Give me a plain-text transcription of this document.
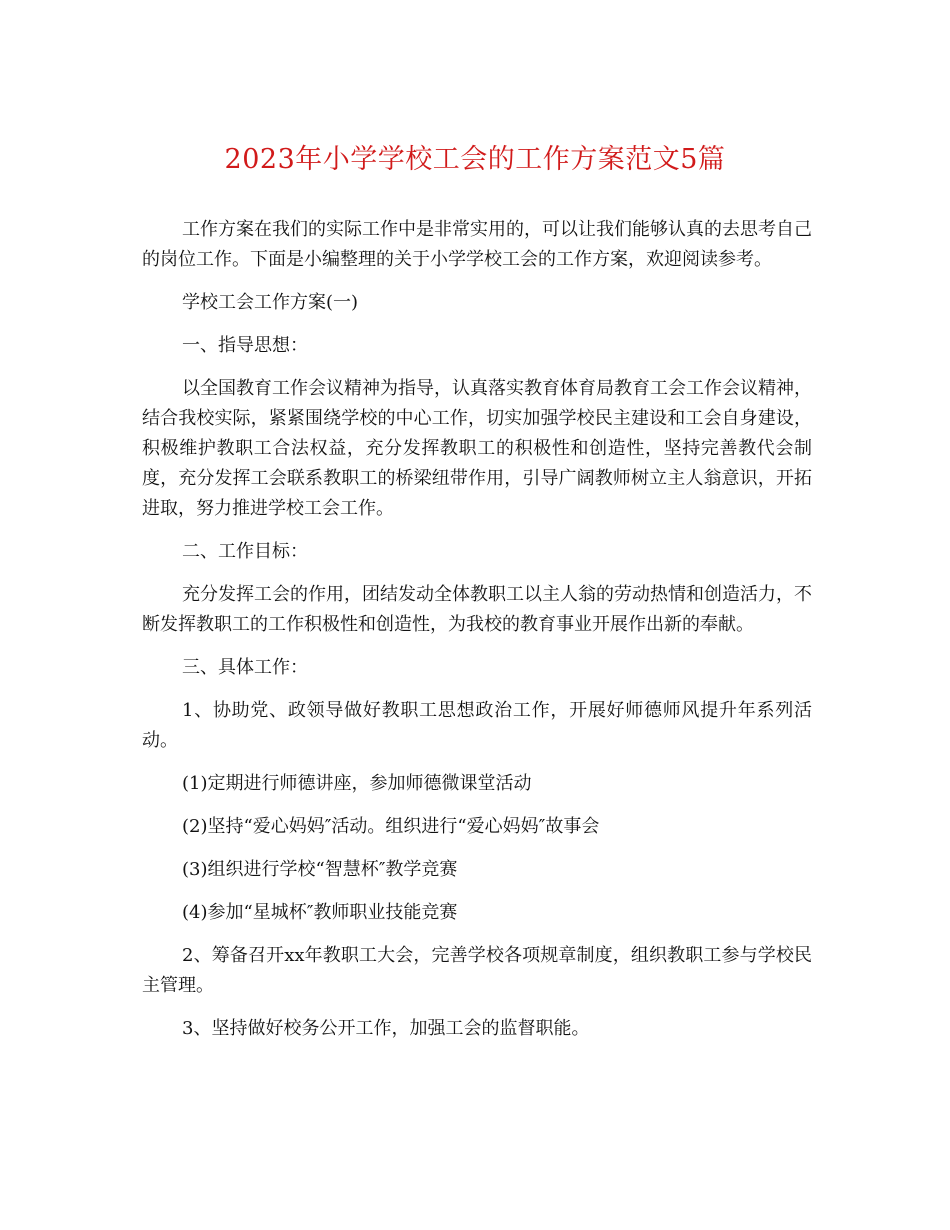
2023年小学学校工会的工作方案范文5篇

工作方案在我们的实际工作中是非常实用的，可以让我们能够认真的去思考自己的岗位工作。下面是小编整理的关于小学学校工会的工作方案，欢迎阅读参考。

学校工会工作方案(一)

一、指导思想：

以全国教育工作会议精神为指导，认真落实教育体育局教育工会工作会议精神，结合我校实际，紧紧围绕学校的中心工作，切实加强学校民主建设和工会自身建设，积极维护教职工合法权益，充分发挥教职工的积极性和创造性，坚持完善教代会制度，充分发挥工会联系教职工的桥梁纽带作用，引导广阔教师树立主人翁意识，开拓进取，努力推进学校工会工作。

二、工作目标：

充分发挥工会的作用，团结发动全体教职工以主人翁的劳动热情和创造活力，不断发挥教职工的工作积极性和创造性，为我校的教育事业开展作出新的奉献。

三、具体工作：

1、协助党、政领导做好教职工思想政治工作，开展好师德师风提升年系列活动。

(1)定期进行师德讲座，参加师德微课堂活动

(2)坚持“爱心妈妈″活动。组织进行“爱心妈妈″故事会

(3)组织进行学校“智慧杯″教学竞赛

(4)参加“星城杯″教师职业技能竞赛

2、筹备召开xx年教职工大会，完善学校各项规章制度，组织教职工参与学校民主管理。

3、坚持做好校务公开工作，加强工会的监督职能。
